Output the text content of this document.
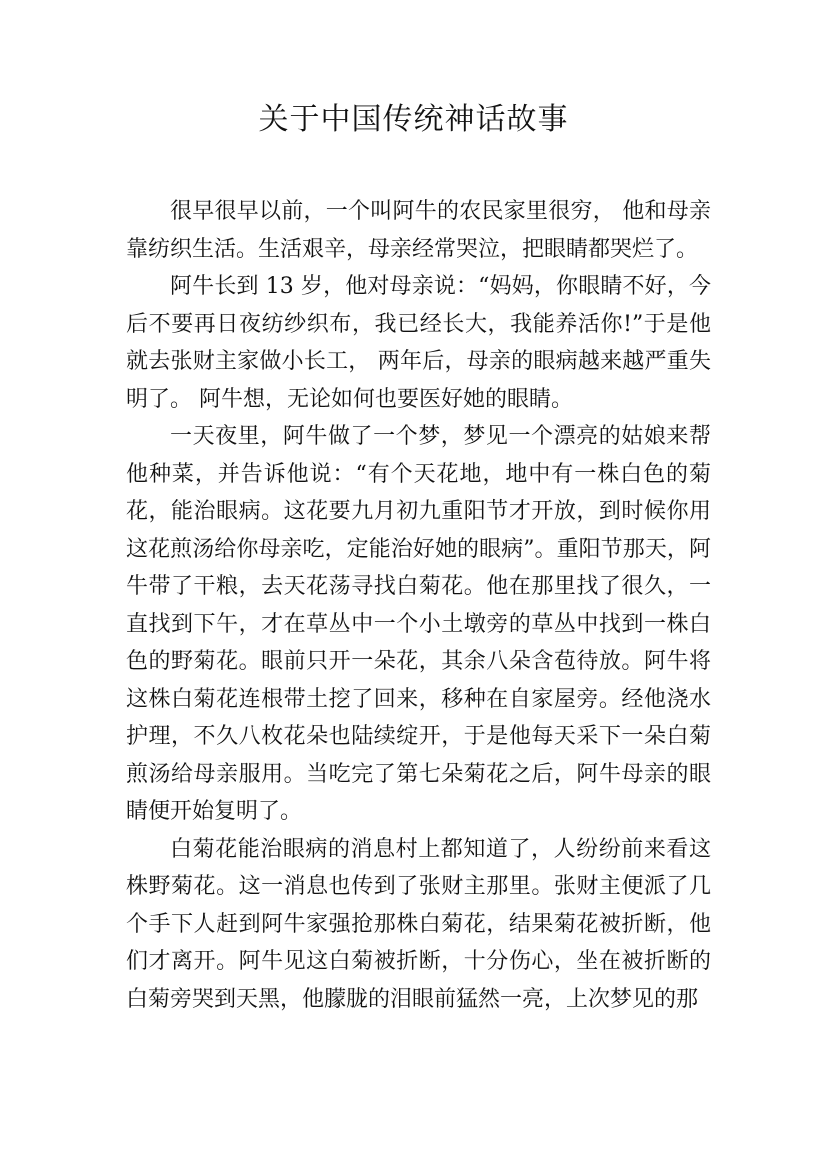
关于中国传统神话故事

很早很早以前，一个叫阿牛的农民家里很穷， 他和母亲靠纺织生活。生活艰辛，母亲经常哭泣，把眼睛都哭烂了。

阿牛长到 13 岁，他对母亲说：“妈妈，你眼睛不好，今后不要再日夜纺纱织布，我已经长大，我能养活你!”于是他就去张财主家做小长工， 两年后，母亲的眼病越来越严重失明了。 阿牛想，无论如何也要医好她的眼睛。

一天夜里，阿牛做了一个梦，梦见一个漂亮的姑娘来帮他种菜，并告诉他说：“有个天花地，地中有一株白色的菊花，能治眼病。这花要九月初九重阳节才开放，到时候你用这花煎汤给你母亲吃，定能治好她的眼病”。重阳节那天，阿牛带了干粮，去天花荡寻找白菊花。他在那里找了很久，一直找到下午，才在草丛中一个小土墩旁的草丛中找到一株白色的野菊花。眼前只开一朵花，其余八朵含苞待放。阿牛将这株白菊花连根带土挖了回来，移种在自家屋旁。经他浇水护理，不久八枚花朵也陆续绽开，于是他每天采下一朵白菊煎汤给母亲服用。当吃完了第七朵菊花之后，阿牛母亲的眼睛便开始复明了。

白菊花能治眼病的消息村上都知道了，人纷纷前来看这株野菊花。这一消息也传到了张财主那里。张财主便派了几个手下人赶到阿牛家强抢那株白菊花，结果菊花被折断，他们才离开。阿牛见这白菊被折断，十分伤心，坐在被折断的白菊旁哭到天黑，他朦胧的泪眼前猛然一亮，上次梦见的那
